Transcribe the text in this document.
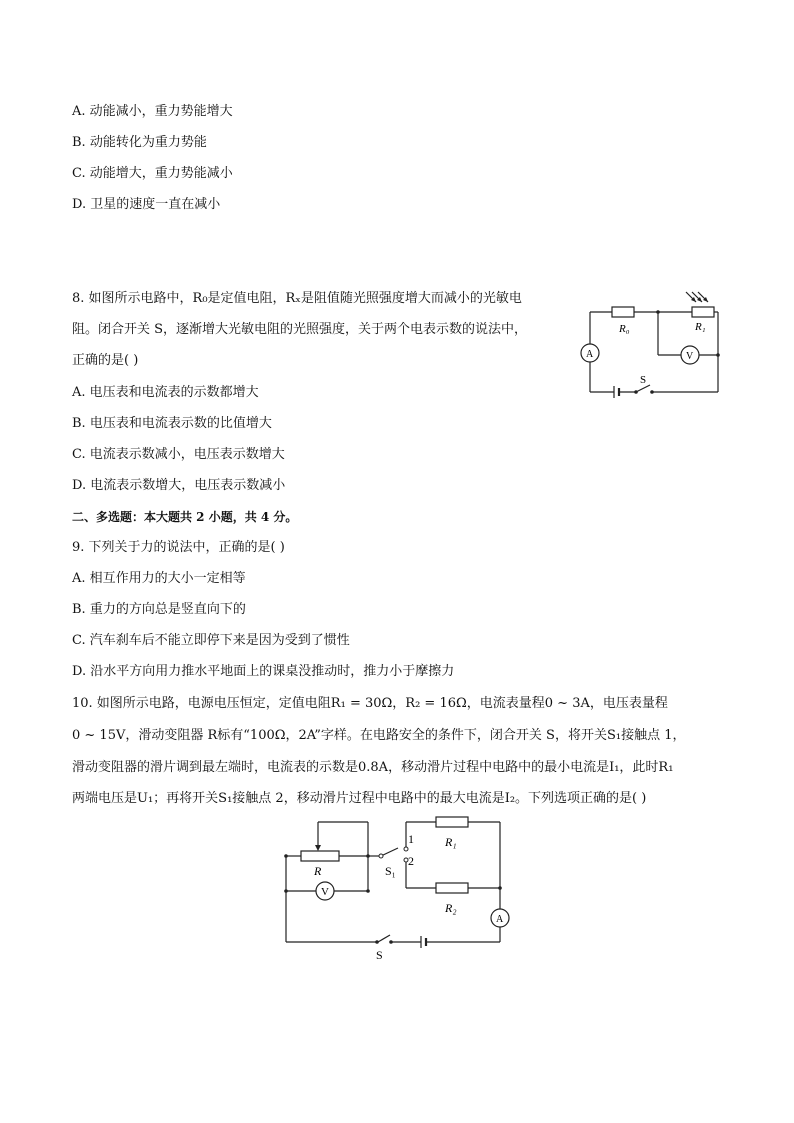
A. 动能减小，重力势能增大
B. 动能转化为重力势能
C. 动能增大，重力势能减小
D. 卫星的速度一直在减小
8. 如图所示电路中，R₀是定值电阻，Rₓ是阻值随光照强度增大而减小的光敏电
阻。闭合开关 S，逐渐增大光敏电阻的光照强度，关于两个电表示数的说法中，
正确的是( )
A. 电压表和电流表的示数都增大
B. 电压表和电流表示数的比值增大
C. 电流表示数减小，电压表示数增大
D. 电流表示数增大，电压表示数减小
R₀	R₁
A	V
S
二、多选题：本大题共 2 小题，共 4 分。
9. 下列关于力的说法中，正确的是( )
A. 相互作用力的大小一定相等
B. 重力的方向总是竖直向下的
C. 汽车刹车后不能立即停下来是因为受到了惯性
D. 沿水平方向用力推水平地面上的课桌没推动时，推力小于摩擦力
10. 如图所示电路，电源电压恒定，定值电阻R₁ = 30Ω，R₂ = 16Ω，电流表量程0 ~ 3A，电压表量程
0 ~ 15V，滑动变阻器 R标有“100Ω，2A”字样。在电路安全的条件下，闭合开关 S，将开关S₁接触点 1，
滑动变阻器的滑片调到最左端时，电流表的示数是0.8A，移动滑片过程中电路中的最小电流是I₁，此时R₁
两端电压是U₁；再将开关S₁接触点 2，移动滑片过程中电路中的最大电流是I₂。下列选项正确的是( )
R
V
S₁
1
2
R₁
R₂
A
S
